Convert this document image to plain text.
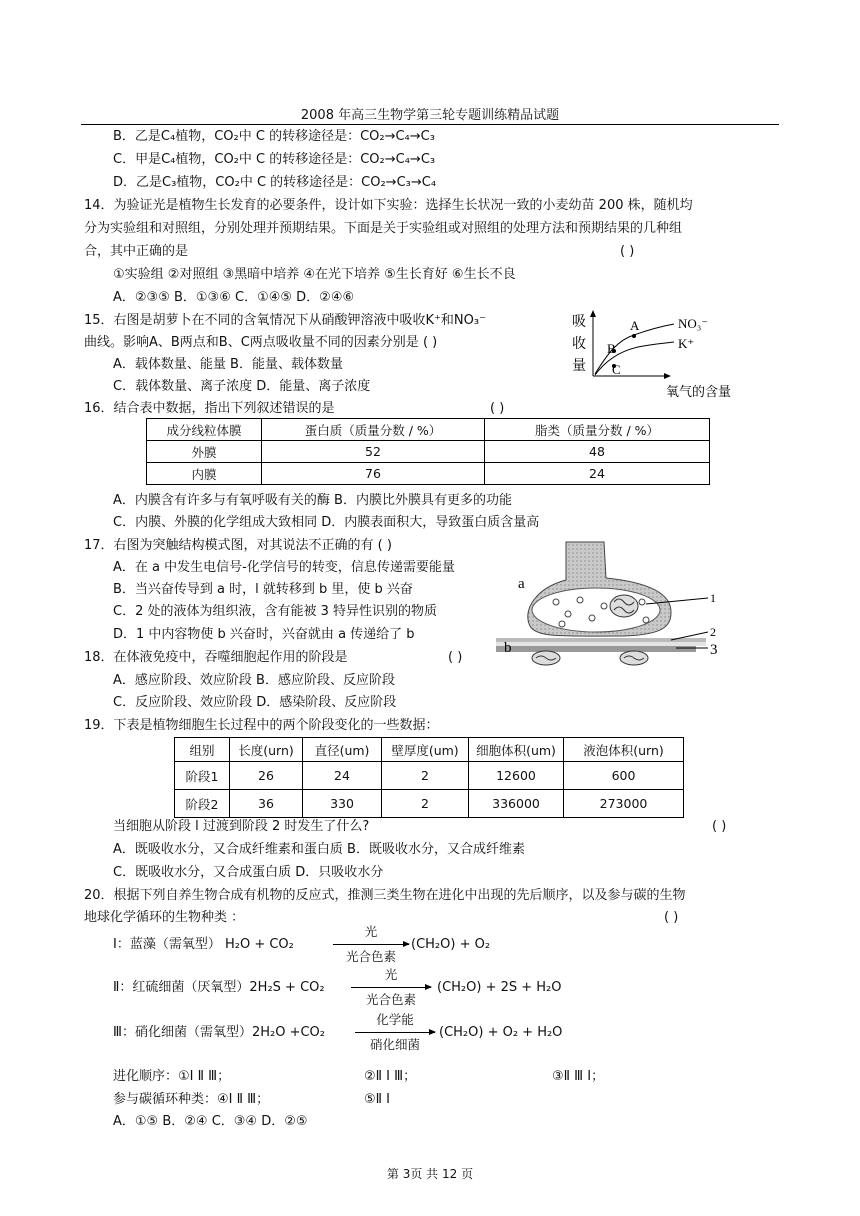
2008 年高三生物学第三轮专题训练精品试题
B．乙是C₄植物，CO₂中 C 的转移途径是：CO₂→C₄→C₃
C．甲是C₄植物，CO₂中 C 的转移途径是：CO₂→C₄→C₃
D．乙是C₃植物，CO₂中 C 的转移途径是：CO₂→C₃→C₄
14．为验证光是植物生长发育的必要条件，设计如下实验：选择生长状况一致的小麦幼苗 200 株，随机均
分为实验组和对照组，分别处理并预期结果。下面是关于实验组或对照组的处理方法和预期结果的几种组
合，其中正确的是	( )
①实验组 ②对照组 ③黑暗中培养 ④在光下培养 ⑤生长育好 ⑥生长不良
A．②③⑤ B．①③⑥ C．①④⑤ D．②④⑥
15．右图是胡萝卜在不同的含氧情况下从硝酸钾溶液中吸收K⁺和NO₃⁻
曲线。影响A、B两点和B、C两点吸收量不同的因素分别是 ( )
A．载体数量、能量 B．能量、载体数量
C．载体数量、离子浓度 D．能量、离子浓度
吸
收
量
A
B
C
NO₃⁻
K⁺
氧气的含量
16．结合表中数据，指出下列叙述错误的是	( )
成分线粒体膜	蛋白质（质量分数 / %）	脂类（质量分数 / %）
外膜	52	48
内膜	76	24
A．内膜含有许多与有氧呼吸有关的酶 B．内膜比外膜具有更多的功能
C．内膜、外膜的化学组成大致相同 D．内膜表面积大，导致蛋白质含量高
17．右图为突触结构模式图，对其说法不正确的有 ( )
A．在 a 中发生电信号-化学信号的转变，信息传递需要能量
B．当兴奋传导到 a 时，l 就转移到 b 里，使 b 兴奋
C．2 处的液体为组织液，含有能被 3 特异性识别的物质
D．1 中内容物使 b 兴奋时，兴奋就由 a 传递给了 b
a
b
1
2
3
18．在体液免疫中，吞噬细胞起作用的阶段是	( )
A．感应阶段、效应阶段 B．感应阶段、反应阶段
C．反应阶段、效应阶段 D．感染阶段、反应阶段
19．下表是植物细胞生长过程中的两个阶段变化的一些数据：
组别	长度(urn)	直径(um)	壁厚度(um)	细胞体积(um)	液泡体积(urn)
阶段1	26	24	2	12600	600
阶段2	36	330	2	336000	273000
当细胞从阶段 l 过渡到阶段 2 时发生了什么?	( )
A．既吸收水分，又合成纤维素和蛋白质 B．既吸收水分，又合成纤维素
C．既吸收水分，又合成蛋白质 D．只吸收水分
20．根据下列自养生物合成有机物的反应式，推测三类生物在进化中出现的先后顺序，以及参与碳的生物
地球化学循环的生物种类 ：	( )
Ⅰ：蓝藻（需氧型） H₂O + CO₂
光
光合色素
(CH₂O) + O₂
Ⅱ：红硫细菌（厌氧型）2H₂S + CO₂
光
光合色素
(CH₂O) + 2S + H₂O
Ⅲ：硝化细菌（需氧型）2H₂O +CO₂
化学能
硝化细菌
(CH₂O) + O₂ + H₂O
进化顺序：①Ⅰ Ⅱ Ⅲ；	②Ⅱ Ⅰ Ⅲ；	③Ⅱ Ⅲ Ⅰ；
参与碳循环种类：④Ⅰ Ⅱ Ⅲ；	⑤Ⅱ Ⅰ
A．①⑤ B．②④ C．③④ D．②⑤
第 3页 共 12 页
